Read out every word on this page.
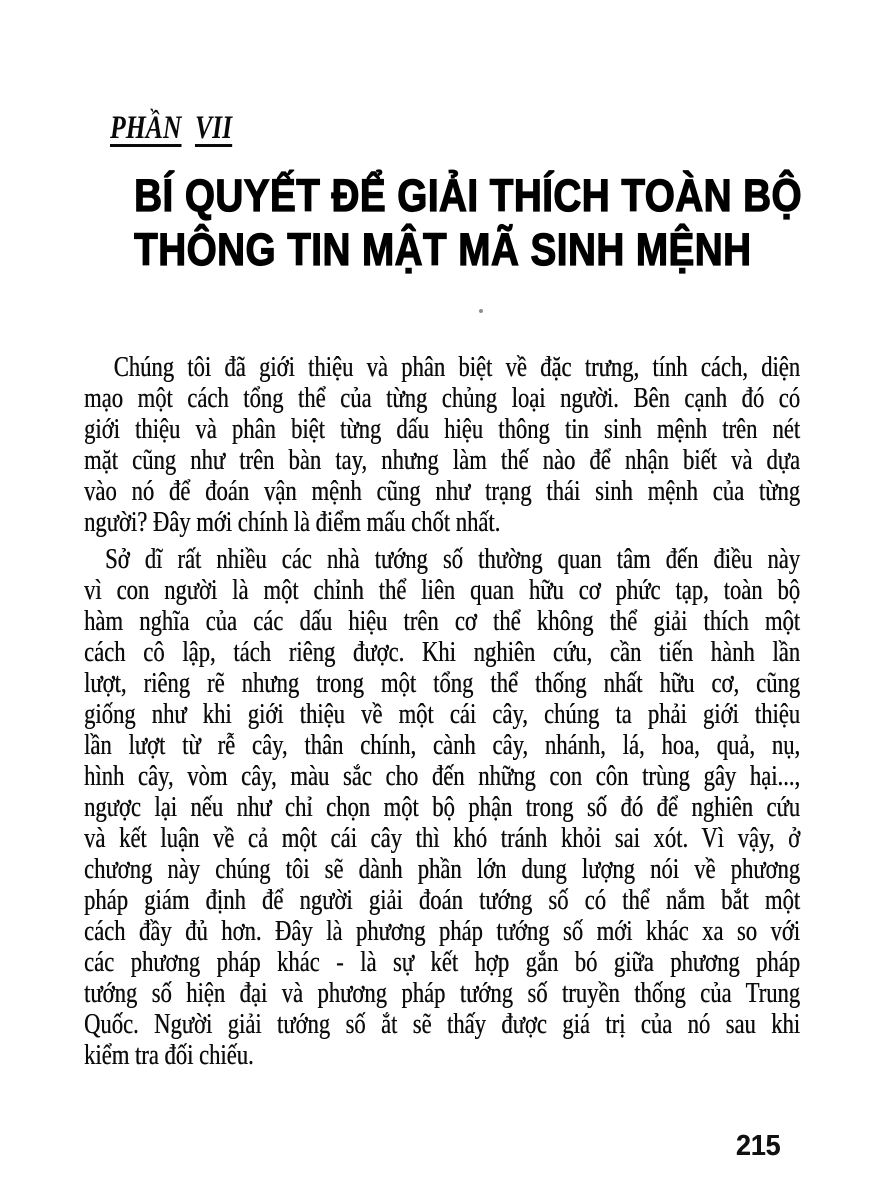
PHẦN VII
BÍ QUYẾT ĐỂ GIẢI THÍCH TOÀN BỘ
THÔNG TIN MẬT MÃ SINH MỆNH
Chúng tôi đã giới thiệu và phân biệt về đặc trưng, tính cách, diện
mạo một cách tổng thể của từng chủng loại người. Bên cạnh đó có
giới thiệu và phân biệt từng dấu hiệu thông tin sinh mệnh trên nét
mặt cũng như trên bàn tay, nhưng làm thế nào để nhận biết và dựa
vào nó để đoán vận mệnh cũng như trạng thái sinh mệnh của từng
người? Đây mới chính là điểm mấu chốt nhất.
Sở dĩ rất nhiều các nhà tướng số thường quan tâm đến điều này
vì con người là một chỉnh thể liên quan hữu cơ phức tạp, toàn bộ
hàm nghĩa của các dấu hiệu trên cơ thể không thể giải thích một
cách cô lập, tách riêng được. Khi nghiên cứu, cần tiến hành lần
lượt, riêng rẽ nhưng trong một tổng thể thống nhất hữu cơ, cũng
giống như khi giới thiệu về một cái cây, chúng ta phải giới thiệu
lần lượt từ rễ cây, thân chính, cành cây, nhánh, lá, hoa, quả, nụ,
hình cây, vòm cây, màu sắc cho đến những con côn trùng gây hại...,
ngược lại nếu như chỉ chọn một bộ phận trong số đó để nghiên cứu
và kết luận về cả một cái cây thì khó tránh khỏi sai xót. Vì vậy, ở
chương này chúng tôi sẽ dành phần lớn dung lượng nói về phương
pháp giám định để người giải đoán tướng số có thể nắm bắt một
cách đầy đủ hơn. Đây là phương pháp tướng số mới khác xa so với
các phương pháp khác - là sự kết hợp gắn bó giữa phương pháp
tướng số hiện đại và phương pháp tướng số truyền thống của Trung
Quốc. Người giải tướng số ắt sẽ thấy được giá trị của nó sau khi
kiểm tra đối chiếu.
215
